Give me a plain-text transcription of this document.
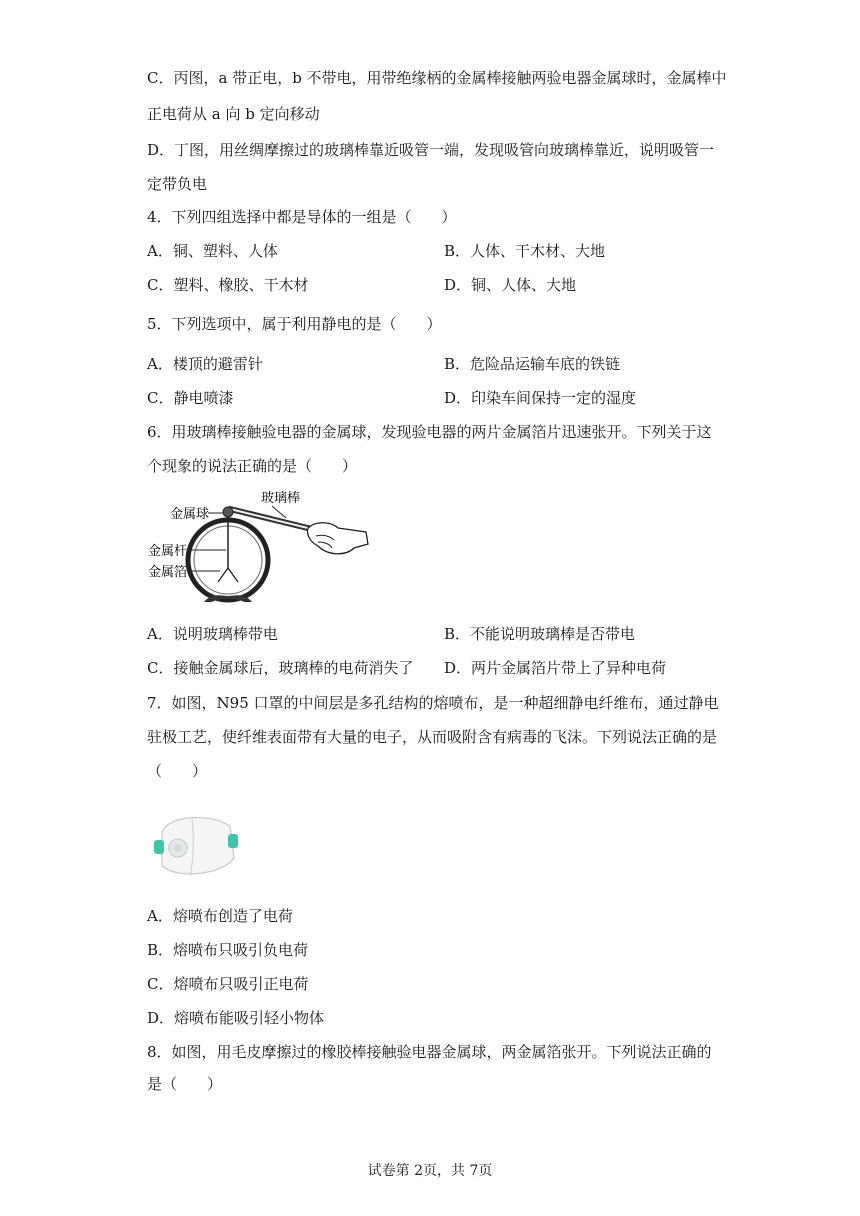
C．丙图，a 带正电，b 不带电，用带绝缘柄的金属棒接触两验电器金属球时，金属棒中
正电荷从 a 向 b 定向移动
D．丁图，用丝绸摩擦过的玻璃棒靠近吸管一端，发现吸管向玻璃棒靠近，说明吸管一
定带负电
4．下列四组选择中都是导体的一组是（　　）
A．铜、塑料、人体	B．人体、干木材、大地
C．塑料、橡胶、干木材	D．铜、人体、大地
5．下列选项中，属于利用静电的是（　　）
A．楼顶的避雷针	B．危险品运输车底的铁链
C．静电喷漆	D．印染车间保持一定的湿度
6．用玻璃棒接触验电器的金属球，发现验电器的两片金属箔片迅速张开。下列关于这
个现象的说法正确的是（　　）
玻璃棒
金属球
金属杆
金属箔
A．说明玻璃棒带电	B．不能说明玻璃棒是否带电
C．接触金属球后，玻璃棒的电荷消失了 D．两片金属箔片带上了异种电荷
7．如图，N95 口罩的中间层是多孔结构的熔喷布，是一种超细静电纤维布，通过静电
驻极工艺，使纤维表面带有大量的电子，从而吸附含有病毒的飞沫。下列说法正确的是
（　　）
A．熔喷布创造了电荷
B．熔喷布只吸引负电荷
C．熔喷布只吸引正电荷
D．熔喷布能吸引轻小物体
8．如图，用毛皮摩擦过的橡胶棒接触验电器金属球，两金属箔张开。下列说法正确的
是（　　）
试卷第 2页，共 7页
